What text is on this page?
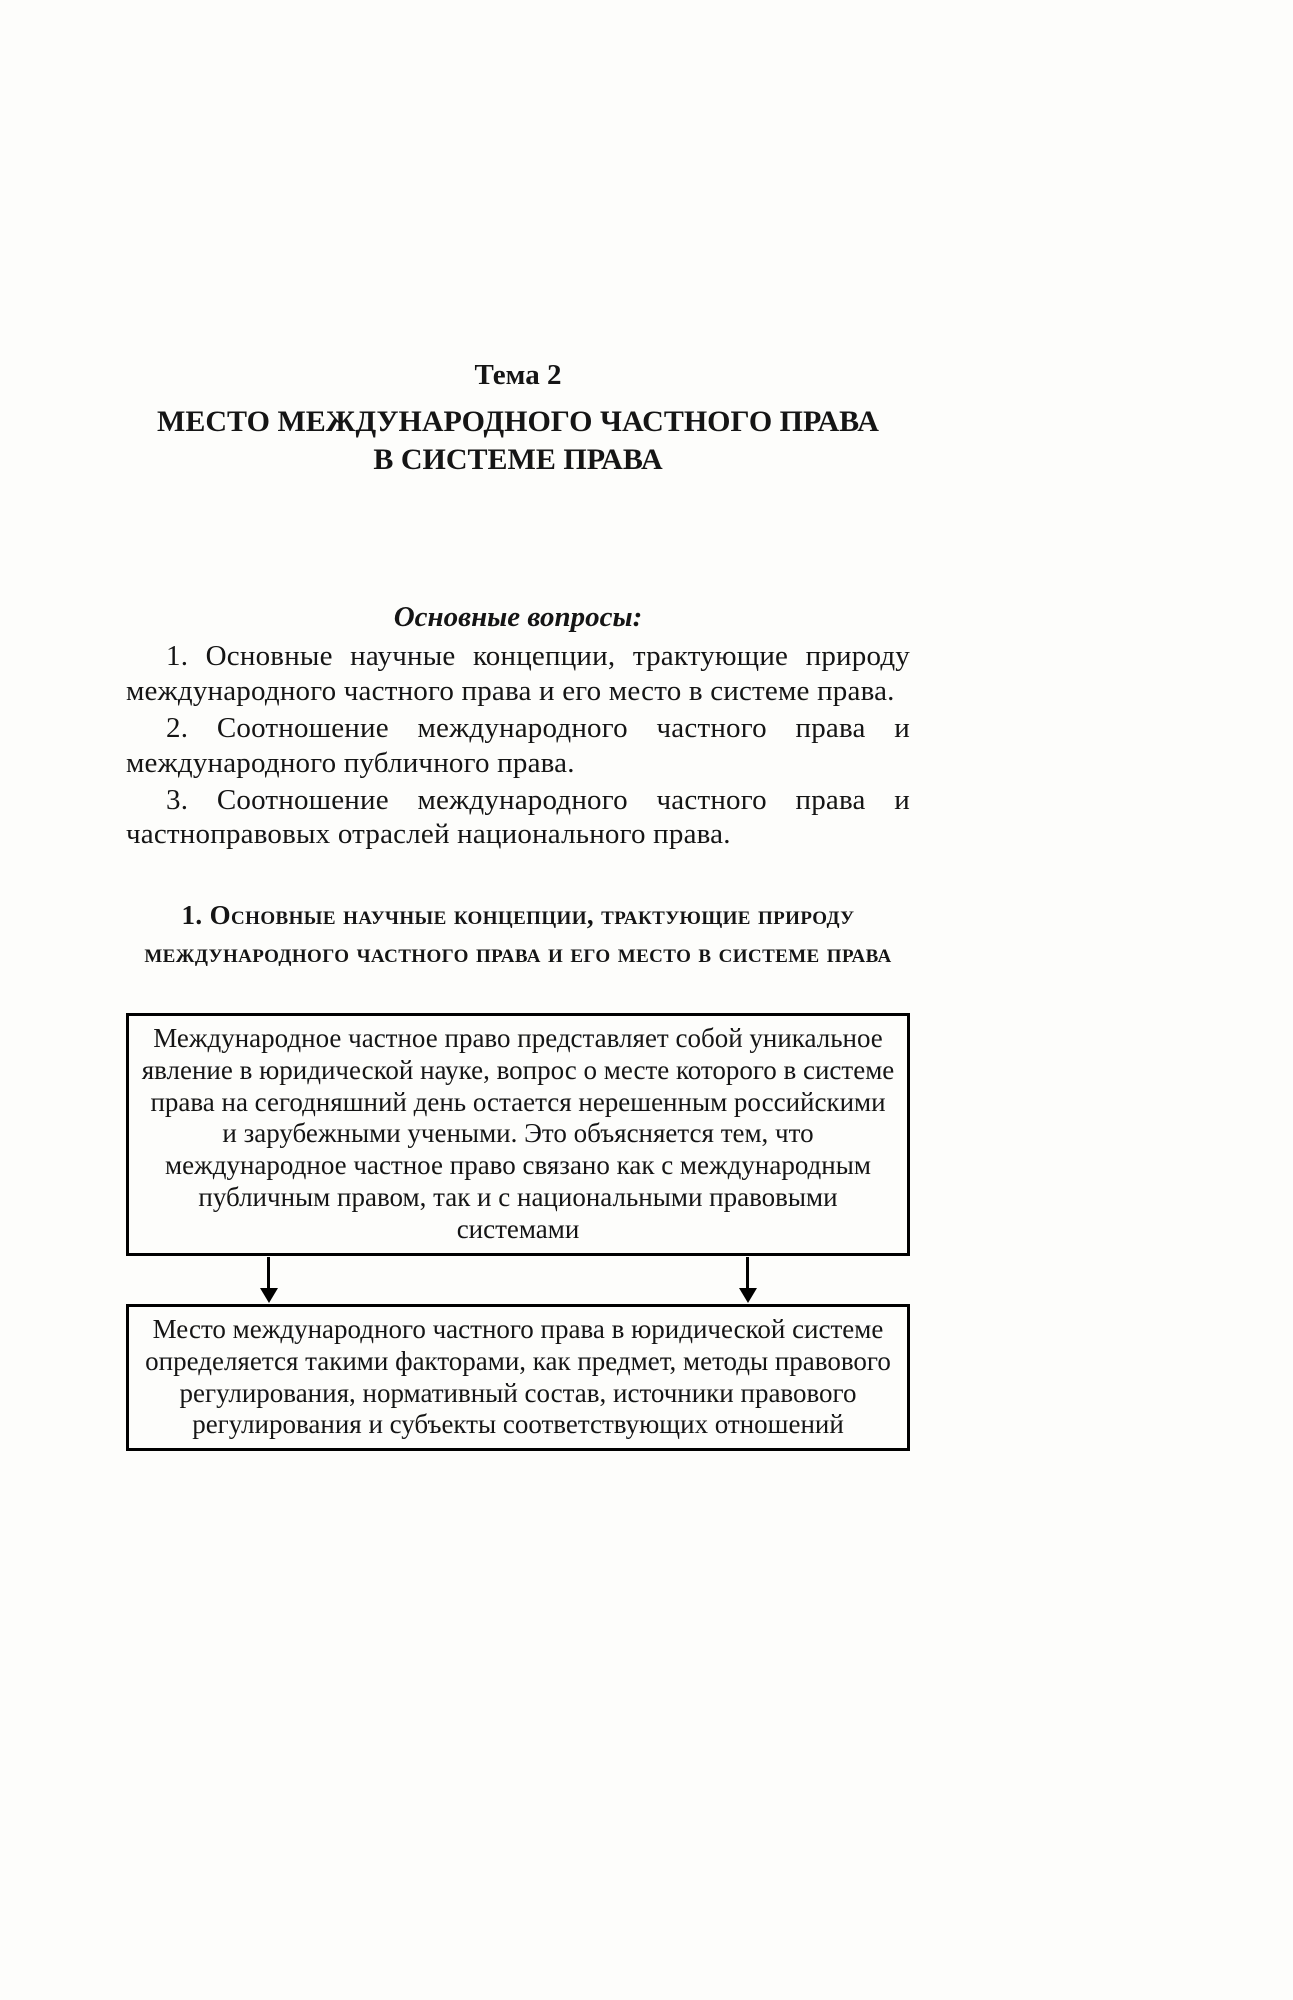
Тема 2
МЕСТО МЕЖДУНАРОДНОГО ЧАСТНОГО ПРАВА
В СИСТЕМЕ ПРАВА
Основные вопросы:

1. Основные научные концепции, трактующие природу международного частного права и его место в системе права.

2. Соотношение международного частного права и международного публичного права.

3. Соотношение международного частного права и частноправовых отраслей национального права.

1. Основные научные концепции, трактующие природу международного частного права и его место в системе права
Международное частное право представляет собой уникальное явление в юридической науке, вопрос о месте которого в системе права на сегодняшний день остается нерешенным российскими и зарубежными учеными. Это объясняется тем, что международное частное право связано как с международным публичным правом, так и с национальными правовыми системами
Место международного частного права в юридической системе определяется такими факторами, как предмет, методы правового регулирования, нормативный состав, источники правового регулирования и субъекты соответствующих отношений
